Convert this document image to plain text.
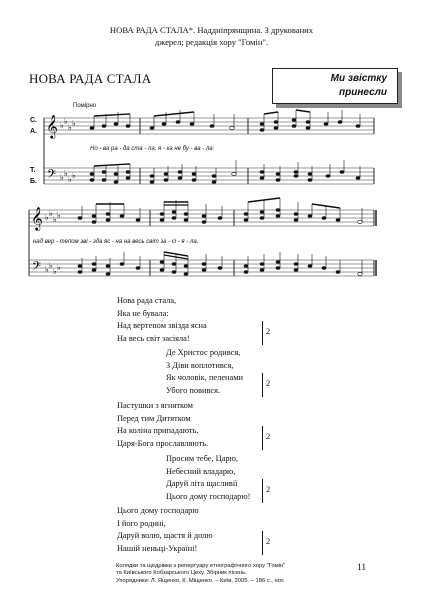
НОВА РАДА СТАЛА*. Наддніпрянщина. З друкованих
джерел; редакція хору "Гомін".
НОВА РАДА СТАЛА	Ми звістку
принесли
Помірно
С.
А.
Т.
Б.
𝄞
𝄢
𝄞
𝄢
♭ ♭
♭ ♭
♭ ♭
♭ ♭
♭ ♭
♭ ♭
♭ ♭
♭ ♭
Но - ва ра - да ста - ла, я - ка не бу - ва - ла:
над вер - тепом зві - зда яс - на на весь світ за - сі - я - ла.
Нова рада стала,
Яка не бувала:
Над вертепом звізда ясна
На весь світ засіяла!
2
Де Христос родився,
З Діви воплотився,
Як чоловік, пеленами
Убого повився.
2
Пастушки з ягнятком
Перед тим Дитятком
На коліна припадають,
Царя-Бога прославляють.
2
Просим тебе, Царю,
Небесний владарю,
Даруй літа щасливії
Цього дому господарю!
2
Цього дому господарю
І його родині,
Даруй волю, щастя й долю
Нашій неньці-Україні!
2
Колядки та щедрівки з репертуару етнографічного хору "Гомін"
та Київського Кобзарського Цеху. Збірник пісень.
Упорядники: Л. Ященко, К. Міщенко. – Київ, 2005. – 186 с., нот.
11
